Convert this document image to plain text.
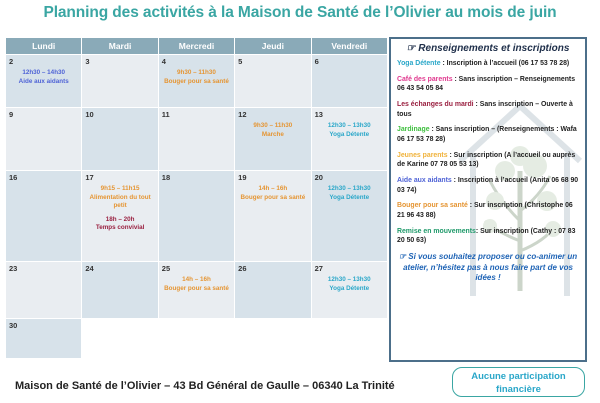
Planning des activités à la Maison de Santé de l’Olivier au mois de juin
Lundi	Mardi	Mercredi	Jeudi	Vendredi

2
12h30 – 14h30
Aide aux aidants	3	4
9h30 – 11h30
Bouger pour sa santé	5	6

9	10	11	12
9h30 – 11h30
Marche	13
12h30 – 13h30
Yoga Détente

16	17
9h15 – 11h15
Alimentation du tout petit
18h – 20h
Temps convivial	18	19
14h – 16h
Bouger pour sa santé	20
12h30 – 13h30
Yoga Détente

23	24	25
14h – 16h
Bouger pour sa santé	26	27
12h30 – 13h30
Yoga Détente

30				

☞ Renseignements et inscriptions
Yoga Détente : Inscription à l’accueil (06 17 53 78 28)
Café des parents : Sans inscription – Renseignements 06 43 54 05 84
Les échanges du mardi : Sans inscription – Ouverte à tous
Jardinage : Sans inscription – (Renseignements : Wafa 06 17 53 78 28)
Jeunes parents : Sur inscription (A l’accueil ou auprès de Karine 07 78 05 53 13)
Aide aux aidants : Inscription à l’accueil (Anita 06 68 90 03 74)
Bouger pour sa santé : Sur inscription (Christophe 06 21 96 43 88)
Remise en mouvements: Sur inscription (Cathy : 07 83 20 50 63)
☞ Si vous souhaitez proposer ou co-animer un atelier, n’hésitez pas à nous faire part de vos idées !
Maison de Santé de l’Olivier – 43 Bd Général de Gaulle – 06340 La Trinité
Aucune participation
financière
